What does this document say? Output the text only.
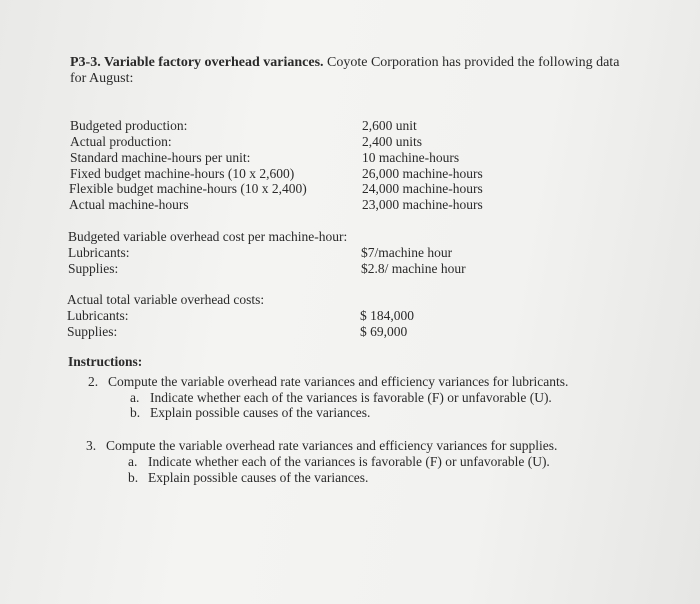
P3-3. Variable factory overhead variances. Coyote Corporation has provided the following data for August:
Budgeted production:	2,600 unit
Actual production:	2,400 units
Standard machine-hours per unit:	10 machine-hours
Fixed budget machine-hours (10 x 2,600)	26,000 machine-hours
Flexible budget machine-hours (10 x 2,400)	24,000 machine-hours
Actual machine-hours	23,000 machine-hours
Budgeted variable overhead cost per machine-hour:
Lubricants:	$7/machine hour
Supplies:	$2.8/ machine hour
Actual total variable overhead costs:
Lubricants:	$ 184,000
Supplies:	$ 69,000
Instructions:
2. Compute the variable overhead rate variances and efficiency variances for lubricants.
a. Indicate whether each of the variances is favorable (F) or unfavorable (U).
b. Explain possible causes of the variances.
3. Compute the variable overhead rate variances and efficiency variances for supplies.
a. Indicate whether each of the variances is favorable (F) or unfavorable (U).
b. Explain possible causes of the variances.
